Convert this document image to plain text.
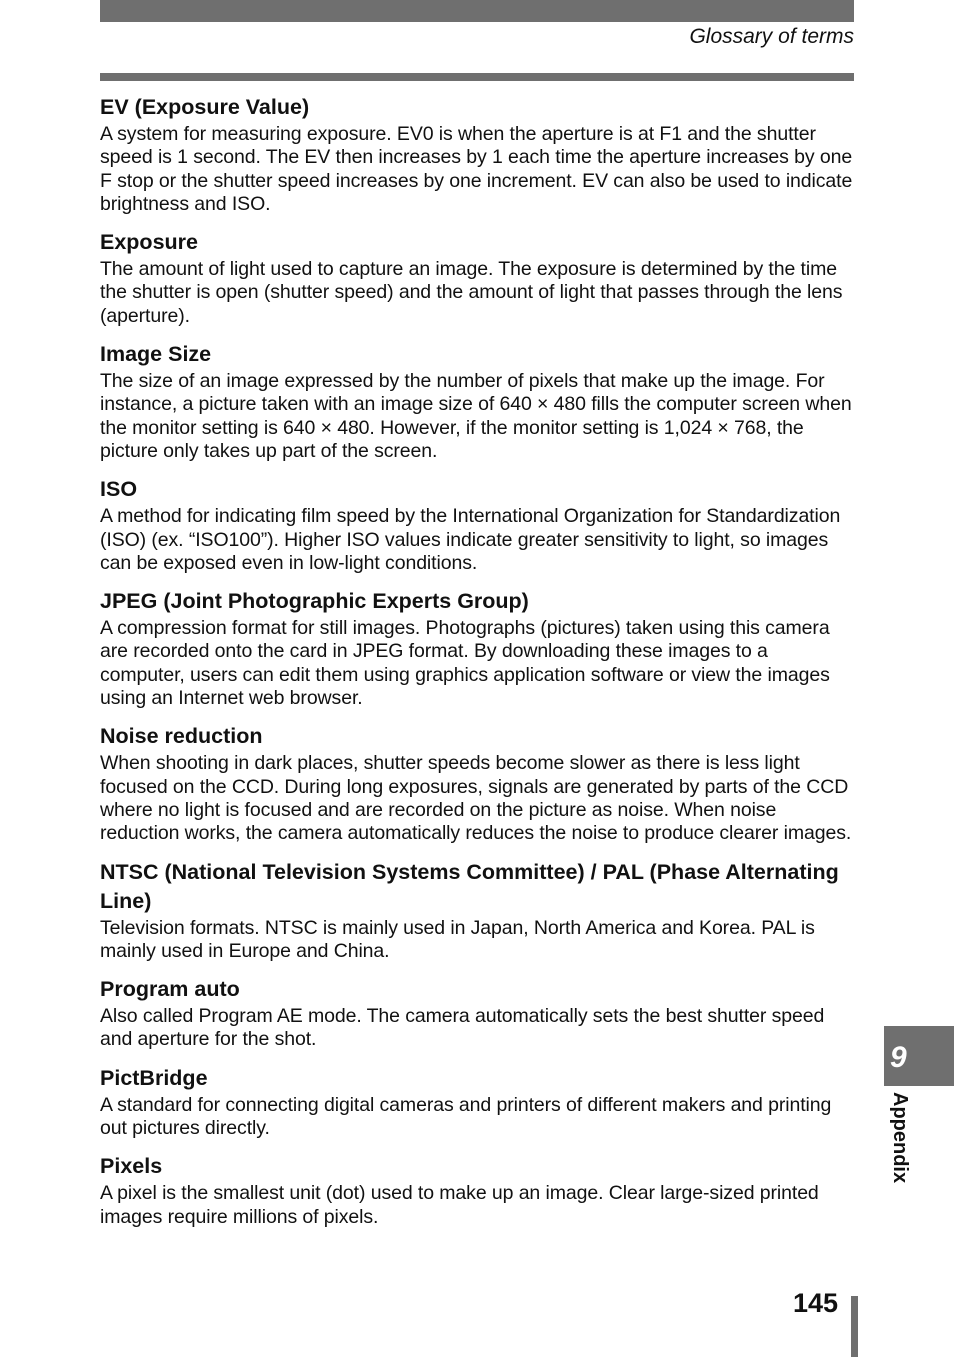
Glossary of terms

EV (Exposure Value)

A system for measuring exposure. EV0 is when the aperture is at F1 and the shutter speed is 1 second. The EV then increases by 1 each time the aperture increases by one F stop or the shutter speed increases by one increment. EV can also be used to indicate brightness and ISO.

Exposure

The amount of light used to capture an image. The exposure is determined by the time the shutter is open (shutter speed) and the amount of light that passes through the lens (aperture).

Image Size

The size of an image expressed by the number of pixels that make up the image. For instance, a picture taken with an image size of 640 × 480 fills the computer screen when the monitor setting is 640 × 480. However, if the monitor setting is 1,024 × 768, the picture only takes up part of the screen.

ISO

A method for indicating film speed by the International Organization for Standardization (ISO) (ex. “ISO100”). Higher ISO values indicate greater sensitivity to light, so images can be exposed even in low-light conditions.

JPEG (Joint Photographic Experts Group)

A compression format for still images. Photographs (pictures) taken using this camera are recorded onto the card in JPEG format. By downloading these images to a computer, users can edit them using graphics application software or view the images using an Internet web browser.

Noise reduction

When shooting in dark places, shutter speeds become slower as there is less light focused on the CCD. During long exposures, signals are generated by parts of the CCD where no light is focused and are recorded on the picture as noise. When noise reduction works, the camera automatically reduces the noise to produce clearer images.

NTSC (National Television Systems Committee) / PAL (Phase Alternating Line)

Television formats. NTSC is mainly used in Japan, North America and Korea. PAL is mainly used in Europe and China.

Program auto

Also called Program AE mode. The camera automatically sets the best shutter speed and aperture for the shot.

PictBridge

A standard for connecting digital cameras and printers of different makers and printing out pictures directly.

Pixels

A pixel is the smallest unit (dot) used to make up an image. Clear large-sized printed images require millions of pixels.

9
Appendix
145
